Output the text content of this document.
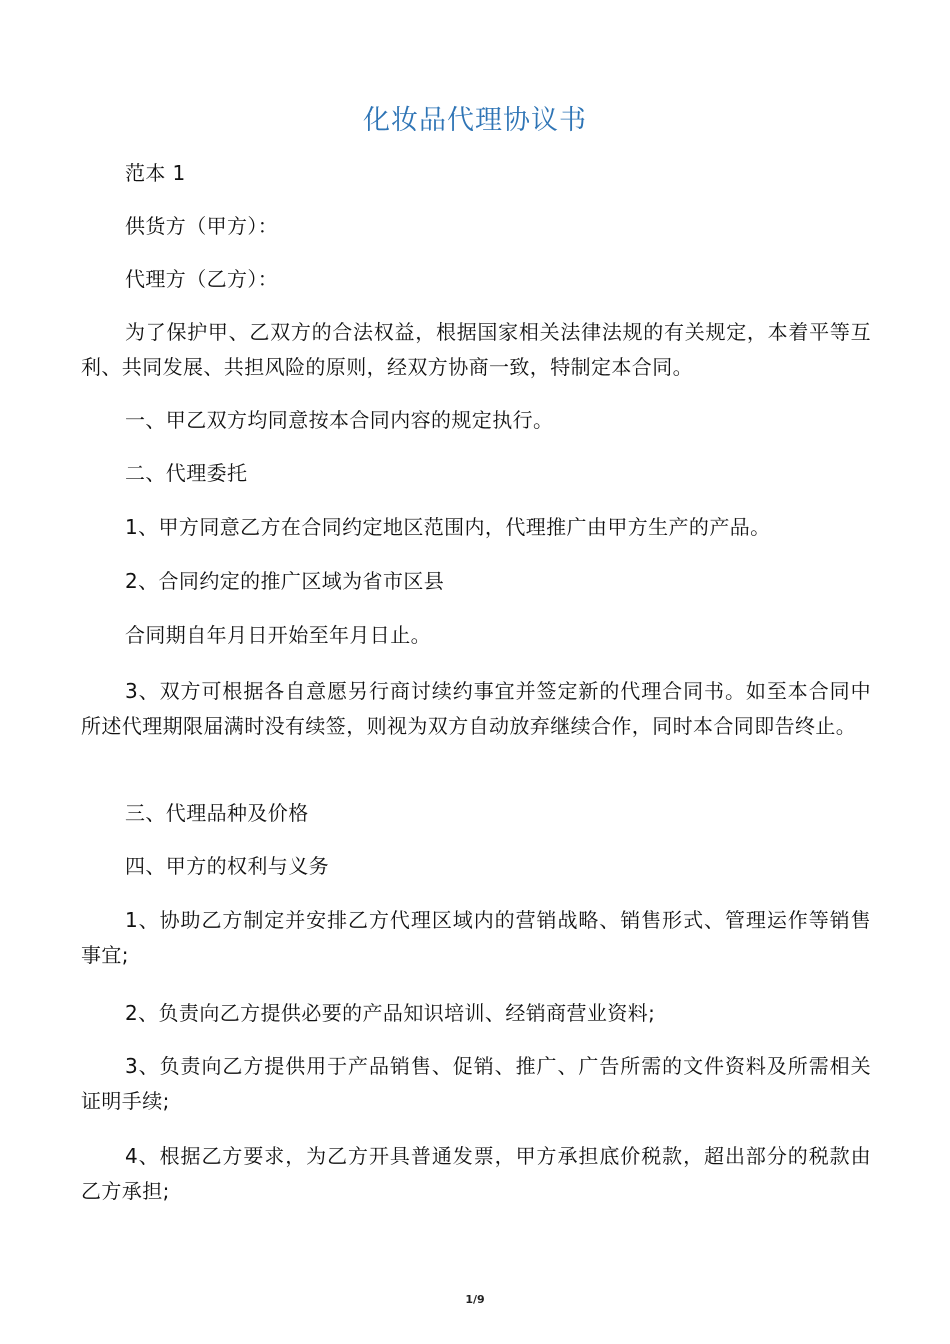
化妆品代理协议书
范本 1
供货方（甲方）：
代理方（乙方）：
为了保护甲、乙双方的合法权益，根据国家相关法律法规的有关规定，本着平等互利、共同发展、共担风险的原则，经双方协商一致，特制定本合同。
一、甲乙双方均同意按本合同内容的规定执行。
二、代理委托
1、甲方同意乙方在合同约定地区范围内，代理推广由甲方生产的产品。
2、合同约定的推广区域为省市区县
合同期自年月日开始至年月日止。
3、双方可根据各自意愿另行商讨续约事宜并签定新的代理合同书。如至本合同中所述代理期限届满时没有续签，则视为双方自动放弃继续合作，同时本合同即告终止。
三、代理品种及价格
四、甲方的权利与义务
1、协助乙方制定并安排乙方代理区域内的营销战略、销售形式、管理运作等销售事宜;
2、负责向乙方提供必要的产品知识培训、经销商营业资料;
3、负责向乙方提供用于产品销售、促销、推广、广告所需的文件资料及所需相关证明手续;
4、根据乙方要求，为乙方开具普通发票，甲方承担底价税款，超出部分的税款由乙方承担;
1/9
